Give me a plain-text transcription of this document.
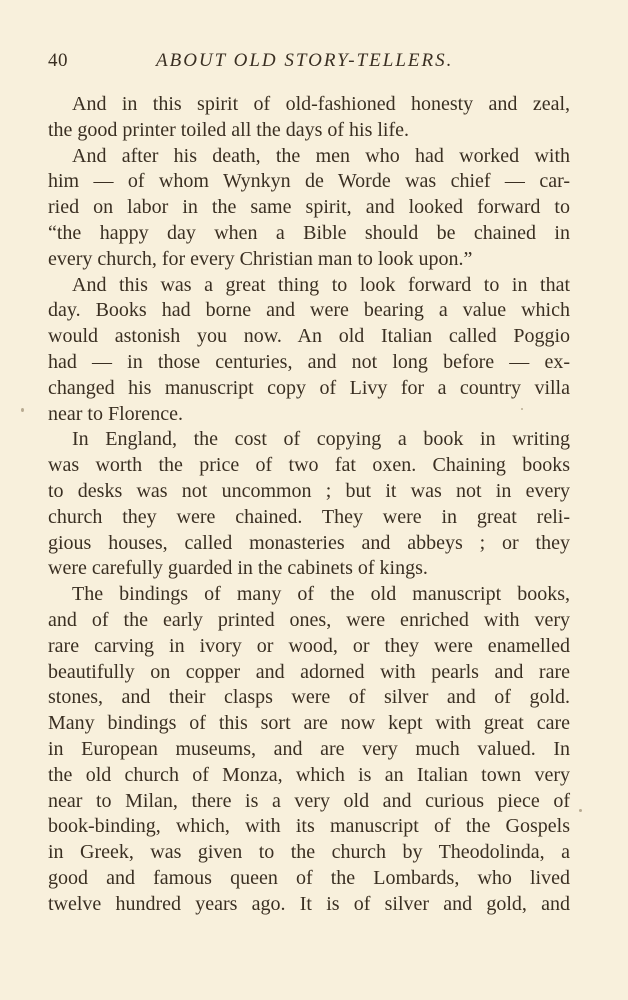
40	ABOUT OLD STORY-TELLERS.
And in this spirit of old-fashioned honesty and zeal,
the good printer toiled all the days of his life.
And after his death, the men who had worked with
him — of whom Wynkyn de Worde was chief — car-
ried on labor in the same spirit, and looked forward to
“the happy day when a Bible should be chained in
every church, for every Christian man to look upon.”
And this was a great thing to look forward to in that
day. Books had borne and were bearing a value which
would astonish you now. An old Italian called Poggio
had — in those centuries, and not long before — ex-
changed his manuscript copy of Livy for a country villa
near to Florence.
In England, the cost of copying a book in writing
was worth the price of two fat oxen. Chaining books
to desks was not uncommon ; but it was not in every
church they were chained. They were in great reli-
gious houses, called monasteries and abbeys ; or they
were carefully guarded in the cabinets of kings.
The bindings of many of the old manuscript books,
and of the early printed ones, were enriched with very
rare carving in ivory or wood, or they were enamelled
beautifully on copper and adorned with pearls and rare
stones, and their clasps were of silver and of gold.
Many bindings of this sort are now kept with great care
in European museums, and are very much valued. In
the old church of Monza, which is an Italian town very
near to Milan, there is a very old and curious piece of
book-binding, which, with its manuscript of the Gospels
in Greek, was given to the church by Theodolinda, a
good and famous queen of the Lombards, who lived
twelve hundred years ago. It is of silver and gold, and
